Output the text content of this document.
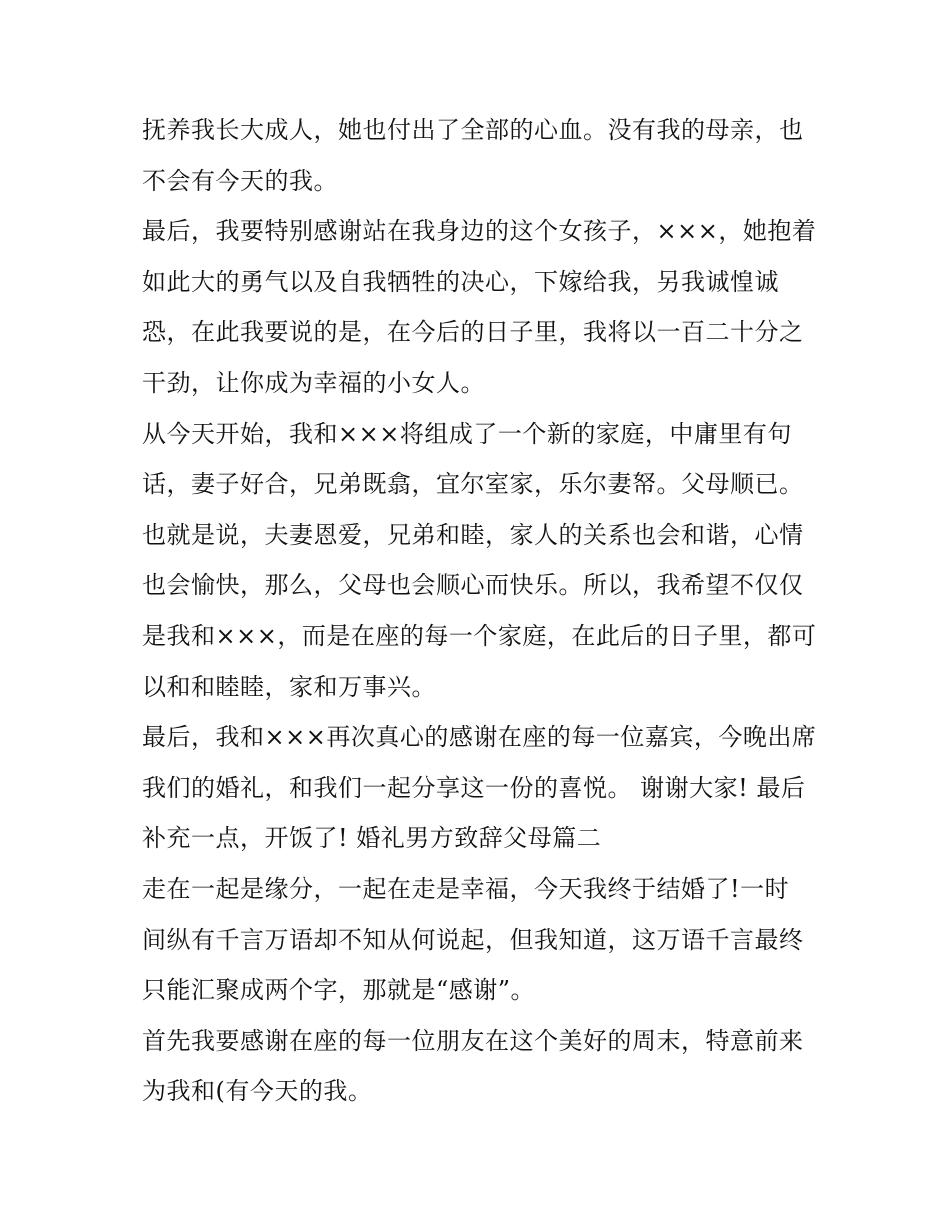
抚养我长大成人，她也付出了全部的心血。没有我的母亲，也
不会有今天的我。
最后，我要特别感谢站在我身边的这个女孩子，×××，她抱着
如此大的勇气以及自我牺牲的决心，下嫁给我，另我诚惶诚
恐，在此我要说的是，在今后的日子里，我将以一百二十分之
干劲，让你成为幸福的小女人。
从今天开始，我和×××将组成了一个新的家庭，中庸里有句
话，妻子好合，兄弟既翕，宜尔室家，乐尔妻帑。父母顺已。
也就是说，夫妻恩爱，兄弟和睦，家人的关系也会和谐，心情
也会愉快，那么，父母也会顺心而快乐。所以，我希望不仅仅
是我和×××，而是在座的每一个家庭，在此后的日子里，都可
以和和睦睦，家和万事兴。
最后，我和×××再次真心的感谢在座的每一位嘉宾，今晚出席
我们的婚礼，和我们一起分享这一份的喜悦。 谢谢大家! 最后
补充一点，开饭了! 婚礼男方致辞父母篇二
走在一起是缘分，一起在走是幸福，今天我终于结婚了!一时
间纵有千言万语却不知从何说起，但我知道，这万语千言最终
只能汇聚成两个字，那就是“感谢”。
首先我要感谢在座的每一位朋友在这个美好的周末，特意前来
为我和(有今天的我。
